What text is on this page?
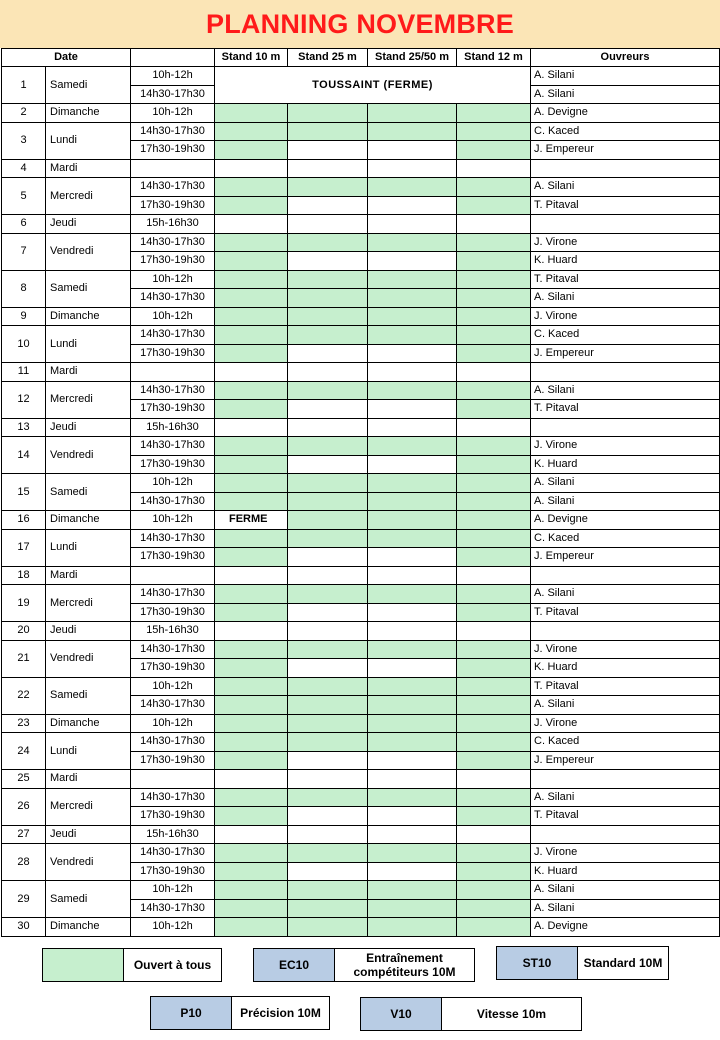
PLANNING NOVEMBRE
Date			Stand 10 m	Stand 25 m	Stand 25/50 m	Stand 12 m	Ouvreurs
1	Samedi	10h-12h	TOUSSAINT (FERME)				A. Silani
		14h30-17h30					A. Silani
2	Dimanche	10h-12h					A. Devigne
3	Lundi	14h30-17h30					C. Kaced
		17h30-19h30					J. Empereur
4	Mardi						
5	Mercredi	14h30-17h30					A. Silani
		17h30-19h30					T. Pitaval
6	Jeudi	15h-16h30					
7	Vendredi	14h30-17h30					J. Virone
		17h30-19h30					K. Huard
8	Samedi	10h-12h					T. Pitaval
		14h30-17h30					A. Silani
9	Dimanche	10h-12h					J. Virone
10	Lundi	14h30-17h30					C. Kaced
		17h30-19h30					J. Empereur
11	Mardi						
12	Mercredi	14h30-17h30					A. Silani
		17h30-19h30					T. Pitaval
13	Jeudi	15h-16h30					
14	Vendredi	14h30-17h30					J. Virone
		17h30-19h30					K. Huard
15	Samedi	10h-12h					A. Silani
		14h30-17h30					A. Silani
16	Dimanche	10h-12h	FERME				A. Devigne
17	Lundi	14h30-17h30					C. Kaced
		17h30-19h30					J. Empereur
18	Mardi						
19	Mercredi	14h30-17h30					A. Silani
		17h30-19h30					T. Pitaval
20	Jeudi	15h-16h30					
21	Vendredi	14h30-17h30					J. Virone
		17h30-19h30					K. Huard
22	Samedi	10h-12h					T. Pitaval
		14h30-17h30					A. Silani
23	Dimanche	10h-12h					J. Virone
24	Lundi	14h30-17h30					C. Kaced
		17h30-19h30					J. Empereur
25	Mardi						
26	Mercredi	14h30-17h30					A. Silani
		17h30-19h30					T. Pitaval
27	Jeudi	15h-16h30					
28	Vendredi	14h30-17h30					J. Virone
		17h30-19h30					K. Huard
29	Samedi	10h-12h					A. Silani
		14h30-17h30					A. Silani
30	Dimanche	10h-12h					A. Devigne
Ouvert à tous	EC10	Entraînement compétiteurs 10M
ST10	Standard 10M
P10	Précision 10M	V10	Vitesse 10m
